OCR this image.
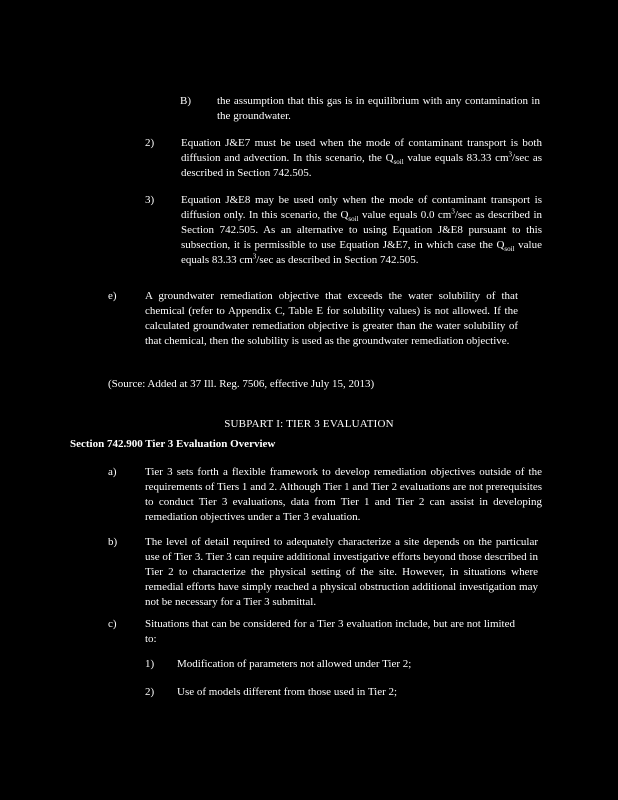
B) the assumption that this gas is in equilibrium with any contamination in the groundwater.
2) Equation J&E7 must be used when the mode of contaminant transport is both diffusion and advection. In this scenario, the $Q_{soil}$ value equals 83.33 $cm^3/\sec$ as described in Section 742.505.
3) Equation J&E8 may be used only when the mode of contaminant transport is diffusion only. In this scenario, the $Q_{soil}$ value equals 0.0 $cm^3/\sec$ as described in Section 742.505. As an alternative to using Equation J&E8 pursuant to this subsection, it is permissible to use Equation J&E7, in which case the $Q_{soil}$ value equals 83.33 $cm^3/\sec$ as described in Section 742.505.
e)	A groundwater remediation objective that exceeds the water solubility of that chemical (refer to Appendix C, Table E for solubility values) is not allowed. If the calculated groundwater remediation objective is greater than the water solubility of that chemical, then the solubility is used as the groundwater remediation objective.
(Source: Added at 37 Ill. Reg. 7506, effective July 15, 2013)
SUBPART I: TIER 3 EVALUATION
Section 742.900 Tier 3 Evaluation Overview
a)	Tier 3 sets forth a flexible framework to develop remediation objectives outside of the requirements of Tiers 1 and 2. Although Tier 1 and Tier 2 evaluations are not prerequisites to conduct Tier 3 evaluations, data from Tier 1 and Tier 2 can assist in developing remediation objectives under a Tier 3 evaluation.
b)	The level of detail required to adequately characterize a site depends on the particular use of Tier 3. Tier 3 can require additional investigative efforts beyond those described in Tier 2 to characterize the physical setting of the site. However, in situations where remedial efforts have simply reached a physical obstruction additional investigation may not be necessary for a Tier 3 submittal.
c)	Situations that can be considered for a Tier 3 evaluation include, but are not limited to:
1) Modification of parameters not allowed under Tier 2;
2) Use of models different from those used in Tier 2;
